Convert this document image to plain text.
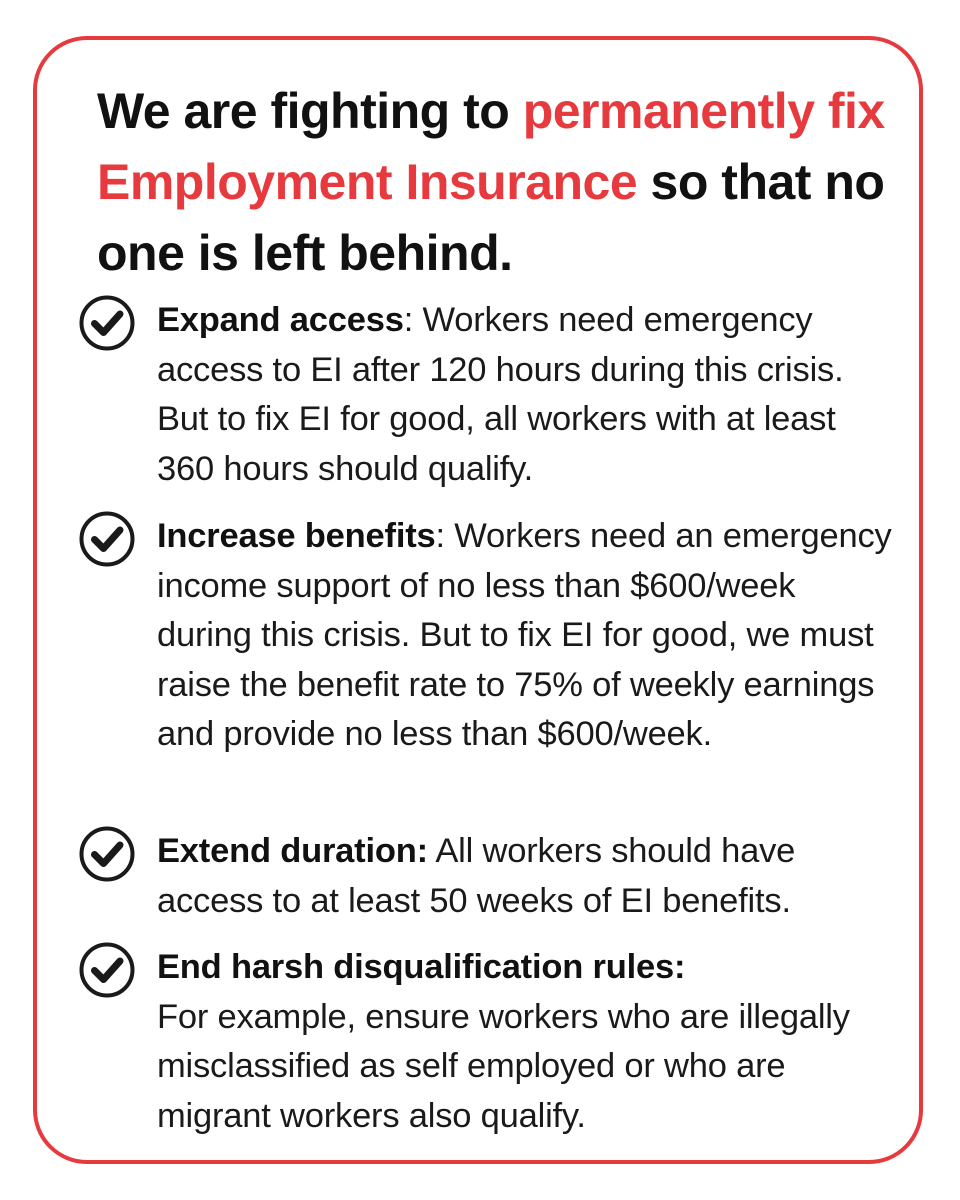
We are fighting to permanently fix Employment Insurance so that no one is left behind.

Expand access: Workers need emergency access to EI after 120 hours during this crisis. But to fix EI for good, all workers with at least 360 hours should qualify.

Increase benefits: Workers need an emergency income support of no less than $600/week during this crisis. But to fix EI for good, we must raise the benefit rate to 75% of weekly earnings and provide no less than $600/week.

Extend duration: All workers should have access to at least 50 weeks of EI benefits.

End harsh disqualification rules:
For example, ensure workers who are illegally misclassified as self employed or who are migrant workers also qualify.
